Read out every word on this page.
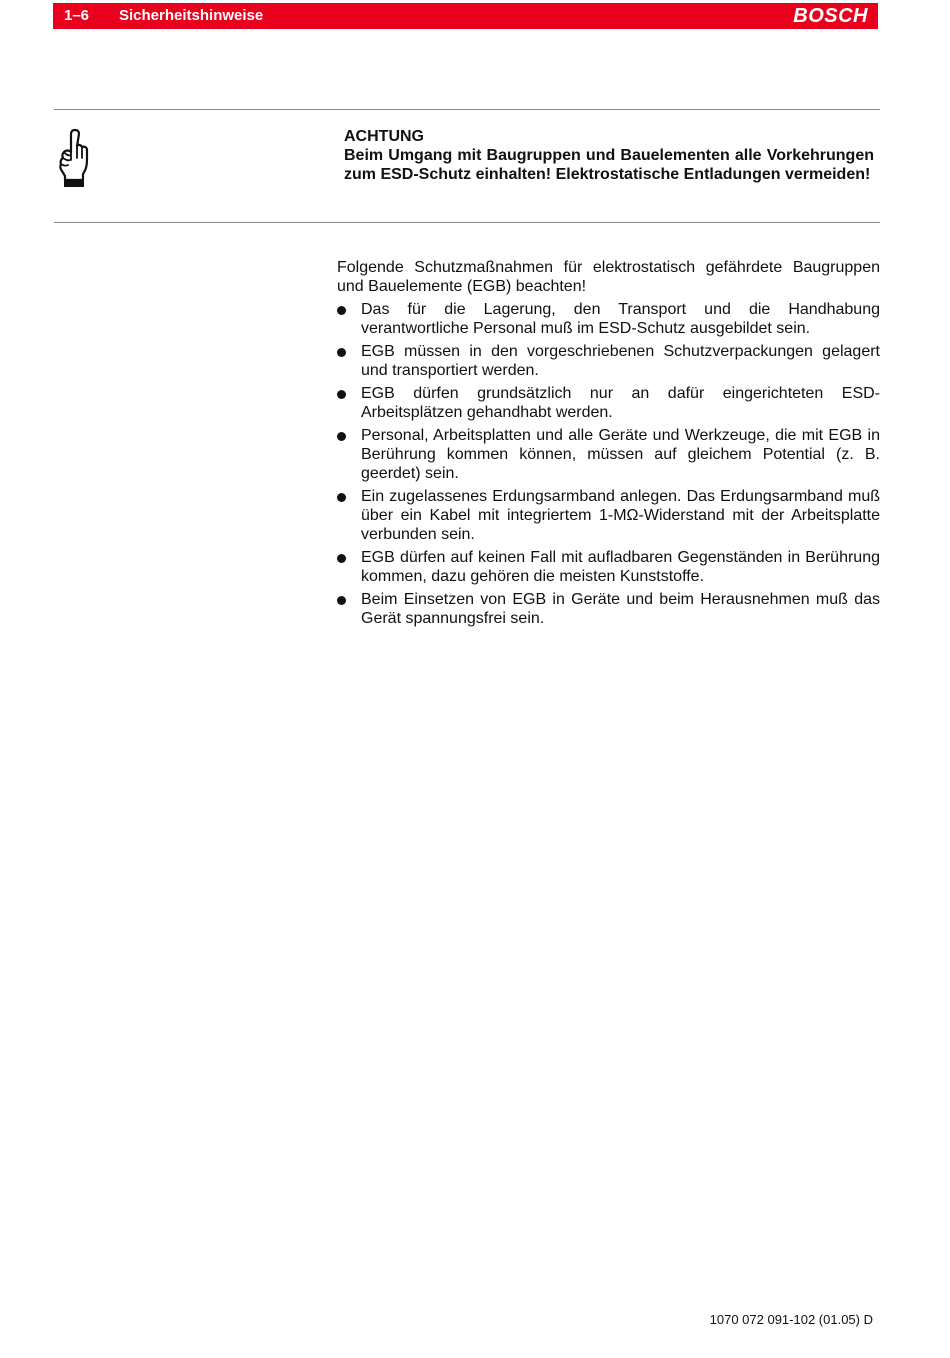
1–6 Sicherheitshinweise	BOSCH
ACHTUNG
Beim Umgang mit Baugruppen und Bauelementen alle Vorkehrungen zum ESD-Schutz einhalten! Elektrostatische Entladungen vermeiden!

Folgende Schutzmaßnahmen für elektrostatisch gefährdete Baugruppen und Bauelemente (EGB) beachten!

Das für die Lagerung, den Transport und die Handhabung verantwortliche Personal muß im ESD-Schutz ausgebildet sein.
EGB müssen in den vorgeschriebenen Schutzverpackungen gelagert und transportiert werden.
EGB dürfen grundsätzlich nur an dafür eingerichteten ESD-Arbeitsplätzen gehandhabt werden.
Personal, Arbeitsplatten und alle Geräte und Werkzeuge, die mit EGB in Berührung kommen können, müssen auf gleichem Potential (z. B. geerdet) sein.
Ein zugelassenes Erdungsarmband anlegen. Das Erdungsarmband muß über ein Kabel mit integriertem 1-MΩ-Widerstand mit der Arbeitsplatte verbunden sein.
EGB dürfen auf keinen Fall mit aufladbaren Gegenständen in Berührung kommen, dazu gehören die meisten Kunststoffe.
Beim Einsetzen von EGB in Geräte und beim Herausnehmen muß das Gerät spannungsfrei sein.
1070 072 091-102 (01.05) D
